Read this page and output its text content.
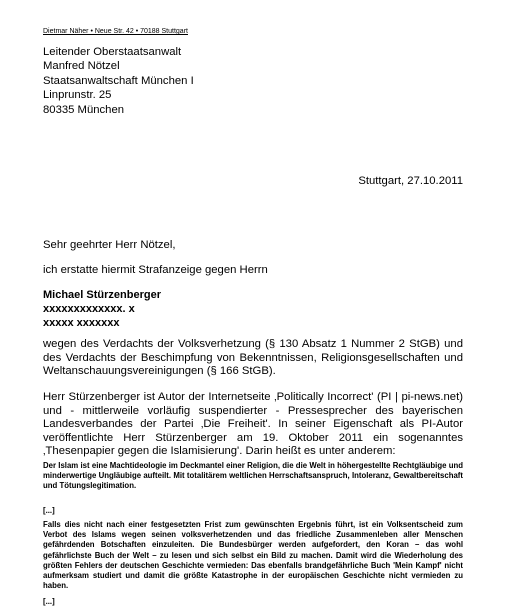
Dietmar Näher • Neue Str. 42 • 70188 Stuttgart
Leitender Oberstaatsanwalt
Manfred Nötzel
Staatsanwaltschaft München I
Linprunstr. 25
80335 München
Stuttgart, 27.10.2011
Sehr geehrter Herr Nötzel,
ich erstatte hiermit Strafanzeige gegen Herrn
Michael Stürzenberger
xxxxxxxxxxxxx. x
xxxxx xxxxxxx
wegen des Verdachts der Volksverhetzung (§ 130 Absatz 1 Nummer 2 StGB) und des Verdachts der Beschimpfung von Bekenntnissen, Religionsgesellschaften und Weltanschauungsvereinigungen (§ 166 StGB).
Herr Stürzenberger ist Autor der Internetseite ‚Politically Incorrect' (PI | pi-news.net) und - mittlerweile vorläufig suspendierter - Pressesprecher des bayerischen Landesverbandes der Partei ‚Die Freiheit'. In seiner Eigenschaft als PI-Autor veröffentlichte Herr Stürzenberger am 19. Oktober 2011 ein sogenanntes ‚Thesenpapier gegen die Islamisierung'. Darin heißt es unter anderem:
Der Islam ist eine Machtideologie im Deckmantel einer Religion, die die Welt in höhergestellte Rechtgläubige und minderwertige Ungläubige aufteilt. Mit totalitärem weltlichen Herrschaftsanspruch, Intoleranz, Gewaltbereitschaft und Tötungslegitimation.
[...]
Falls dies nicht nach einer festgesetzten Frist zum gewünschten Ergebnis führt, ist ein Volksentscheid zum Verbot des Islams wegen seinen volksverhetzenden und das friedliche Zusammenleben aller Menschen gefährdenden Botschaften einzuleiten. Die Bundesbürger werden aufgefordert, den Koran – das wohl gefährlichste Buch der Welt – zu lesen und sich selbst ein Bild zu machen. Damit wird die Wiederholung des größten Fehlers der deutschen Geschichte vermieden: Das ebenfalls brandgefährliche Buch 'Mein Kampf' nicht aufmerksam studiert und damit die größte Katastrophe in der europäischen Geschichte nicht vermieden zu haben.
[...]
